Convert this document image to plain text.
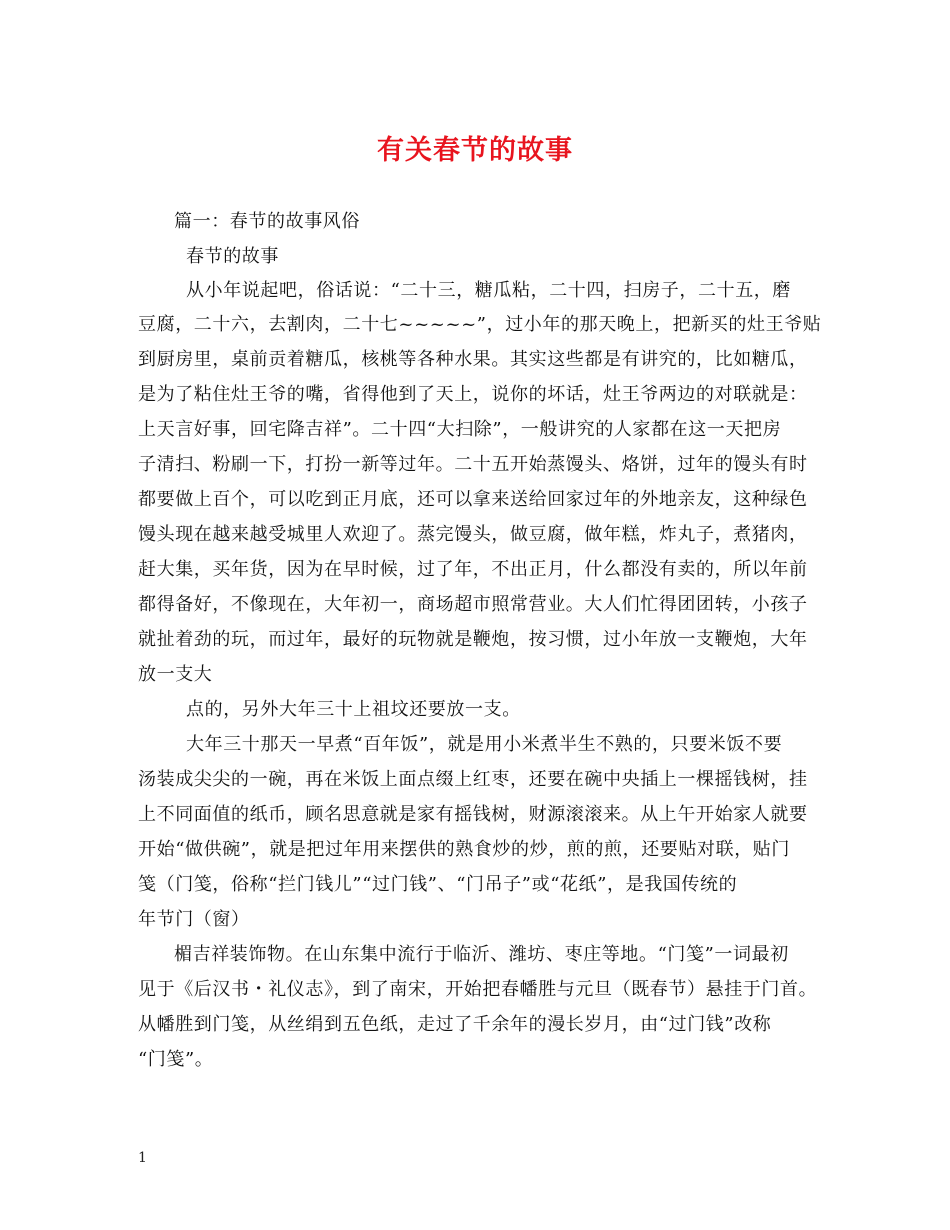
有关春节的故事
篇一：春节的故事风俗
春节的故事
从小年说起吧，俗话说：“二十三，糖瓜粘，二十四，扫房子，二十五，磨
豆腐，二十六，去割肉，二十七~~~~~”，过小年的那天晚上，把新买的灶王爷贴
到厨房里，桌前贡着糖瓜，核桃等各种水果。其实这些都是有讲究的，比如糖瓜，
是为了粘住灶王爷的嘴，省得他到了天上，说你的坏话，灶王爷两边的对联就是：
上天言好事，回宅降吉祥”。二十四“大扫除”，一般讲究的人家都在这一天把房
子清扫、粉刷一下，打扮一新等过年。二十五开始蒸馒头、烙饼，过年的馒头有时
都要做上百个，可以吃到正月底，还可以拿来送给回家过年的外地亲友，这种绿色
馒头现在越来越受城里人欢迎了。蒸完馒头，做豆腐，做年糕，炸丸子，煮猪肉，
赶大集，买年货，因为在早时候，过了年，不出正月，什么都没有卖的，所以年前
都得备好，不像现在，大年初一，商场超市照常营业。大人们忙得团团转，小孩子
就扯着劲的玩，而过年，最好的玩物就是鞭炮，按习惯，过小年放一支鞭炮，大年
放一支大
点的，另外大年三十上祖坟还要放一支。
大年三十那天一早煮“百年饭”，就是用小米煮半生不熟的，只要米饭不要
汤装成尖尖的一碗，再在米饭上面点缀上红枣，还要在碗中央插上一棵摇钱树，挂
上不同面值的纸币，顾名思意就是家有摇钱树，财源滚滚来。从上午开始家人就要
开始“做供碗”，就是把过年用来摆供的熟食炒的炒，煎的煎，还要贴对联，贴门
笺（门笺，俗称“拦门钱儿”“过门钱”、“门吊子”或“花纸”，是我国传统的
年节门（窗）
楣吉祥装饰物。在山东集中流行于临沂、潍坊、枣庄等地。“门笺”一词最初
见于《后汉书・礼仪志》，到了南宋，开始把春幡胜与元旦（既春节）悬挂于门首。
从幡胜到门笺，从丝绢到五色纸，走过了千余年的漫长岁月，由“过门钱”改称
“门笺”。
1
